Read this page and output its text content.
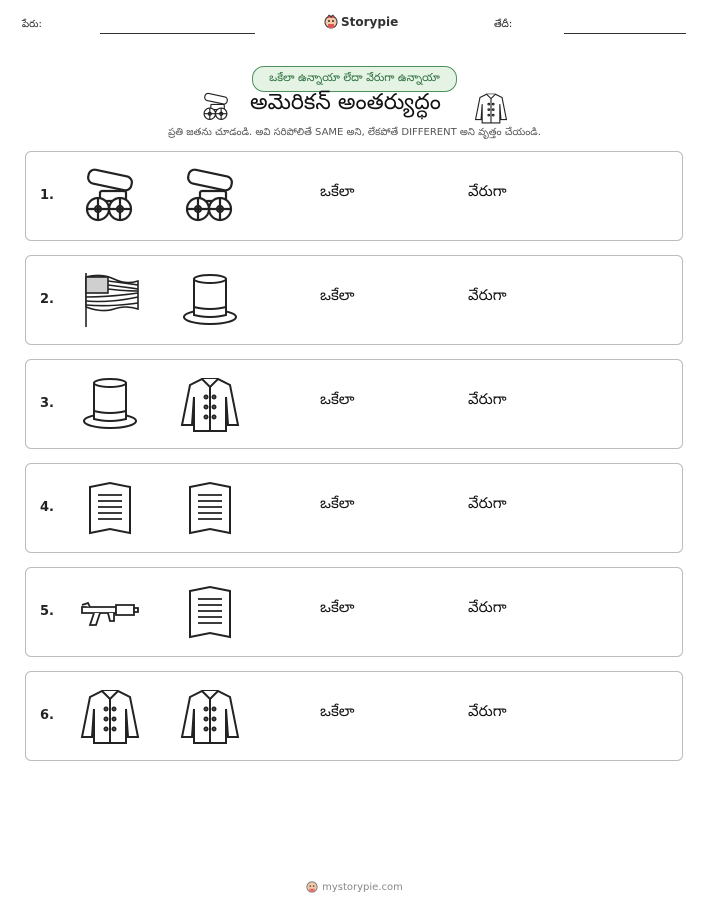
పేరు:	Storypie	తేదీ:
ఒకేలా ఉన్నాయా లేదా వేరుగా ఉన్నాయా
అమెరికన్ అంతర్యుద్ధం
ప్రతి జతను చూడండి. అవి సరిపోలితే SAME అని, లేకపోతే DIFFERENT అని వృత్తం చేయండి.
1.	ఒకేలా	వేరుగా
2.	ఒకేలా	వేరుగా
3.	ఒకేలా	వేరుగా
4.	ఒకేలా	వేరుగా
5.	ఒకేలా	వేరుగా
6.	ఒకేలా	వేరుగా
mystorypie.com
